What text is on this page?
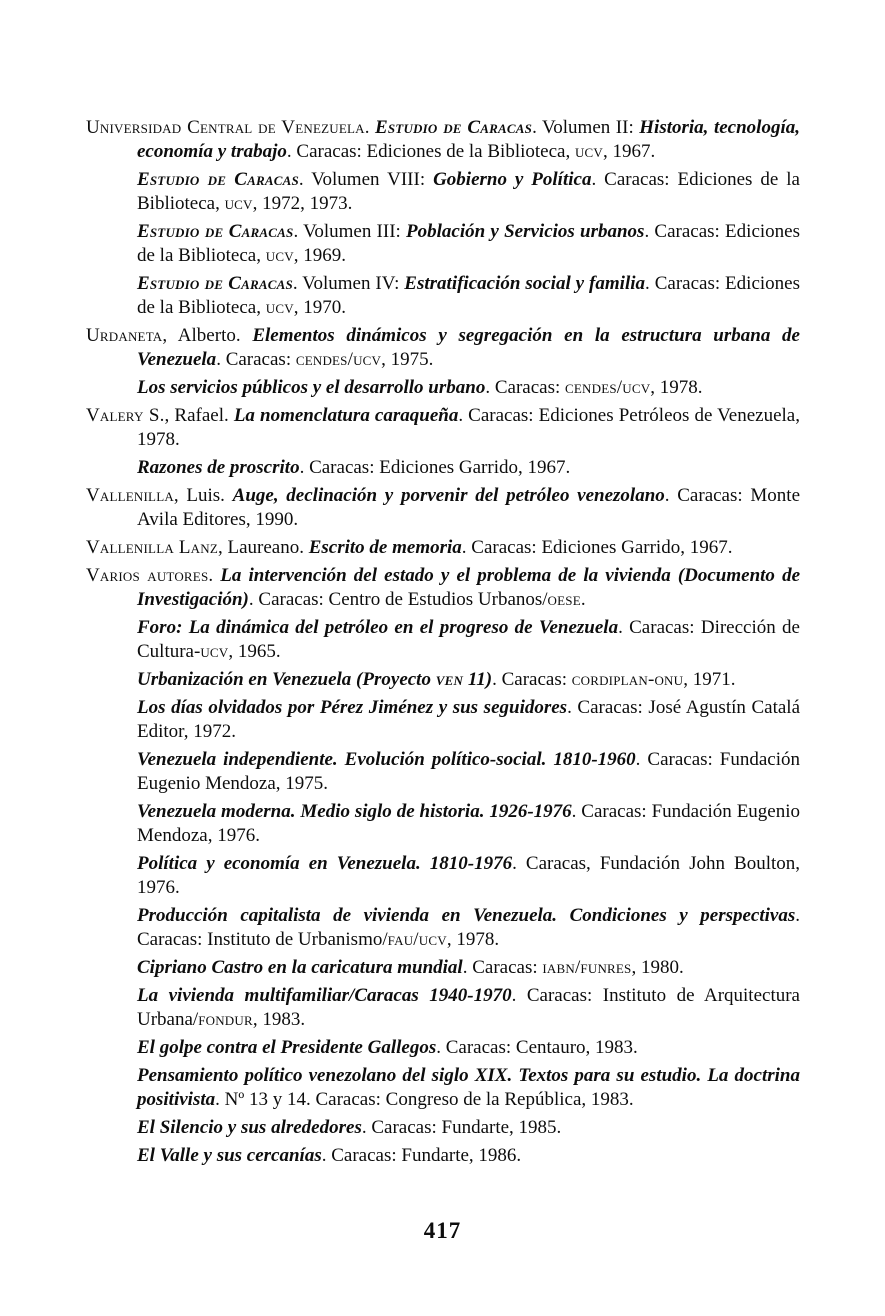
Universidad Central de Venezuela. Estudio de Caracas. Volumen II: Historia, tecnología, economía y trabajo. Caracas: Ediciones de la Biblioteca, ucv, 1967.
Estudio de Caracas. Volumen VIII: Gobierno y Política. Caracas: Ediciones de la Biblioteca, ucv, 1972, 1973.
Estudio de Caracas. Volumen III: Población y Servicios urbanos. Caracas: Ediciones de la Biblioteca, ucv, 1969.
Estudio de Caracas. Volumen IV: Estratificación social y familia. Caracas: Ediciones de la Biblioteca, ucv, 1970.
Urdaneta, Alberto. Elementos dinámicos y segregación en la estructura urbana de Venezuela. Caracas: cendes/ucv, 1975.
Los servicios públicos y el desarrollo urbano. Caracas: cendes/ucv, 1978.
Valery S., Rafael. La nomenclatura caraqueña. Caracas: Ediciones Petróleos de Venezuela, 1978.
Razones de proscrito. Caracas: Ediciones Garrido, 1967.
Vallenilla, Luis. Auge, declinación y porvenir del petróleo venezolano. Caracas: Monte Avila Editores, 1990.
Vallenilla Lanz, Laureano. Escrito de memoria. Caracas: Ediciones Garrido, 1967.
Varios autores. La intervención del estado y el problema de la vivienda (Documento de Investigación). Caracas: Centro de Estudios Urbanos/oese.
Foro: La dinámica del petróleo en el progreso de Venezuela. Caracas: Dirección de Cultura-ucv, 1965.
Urbanización en Venezuela (Proyecto ven 11). Caracas: cordiplan-onu, 1971.
Los días olvidados por Pérez Jiménez y sus seguidores. Caracas: José Agustín Catalá Editor, 1972.
Venezuela independiente. Evolución político-social. 1810-1960. Caracas: Fundación Eugenio Mendoza, 1975.
Venezuela moderna. Medio siglo de historia. 1926-1976. Caracas: Fundación Eugenio Mendoza, 1976.
Política y economía en Venezuela. 1810-1976. Caracas, Fundación John Boulton, 1976.
Producción capitalista de vivienda en Venezuela. Condiciones y perspectivas. Caracas: Instituto de Urbanismo/fau/ucv, 1978.
Cipriano Castro en la caricatura mundial. Caracas: iabn/funres, 1980.
La vivienda multifamiliar/Caracas 1940-1970. Caracas: Instituto de Arquitectura Urbana/fondur, 1983.
El golpe contra el Presidente Gallegos. Caracas: Centauro, 1983.
Pensamiento político venezolano del siglo XIX. Textos para su estudio. La doctrina positivista. Nº 13 y 14. Caracas: Congreso de la República, 1983.
El Silencio y sus alrededores. Caracas: Fundarte, 1985.
El Valle y sus cercanías. Caracas: Fundarte, 1986.
417
